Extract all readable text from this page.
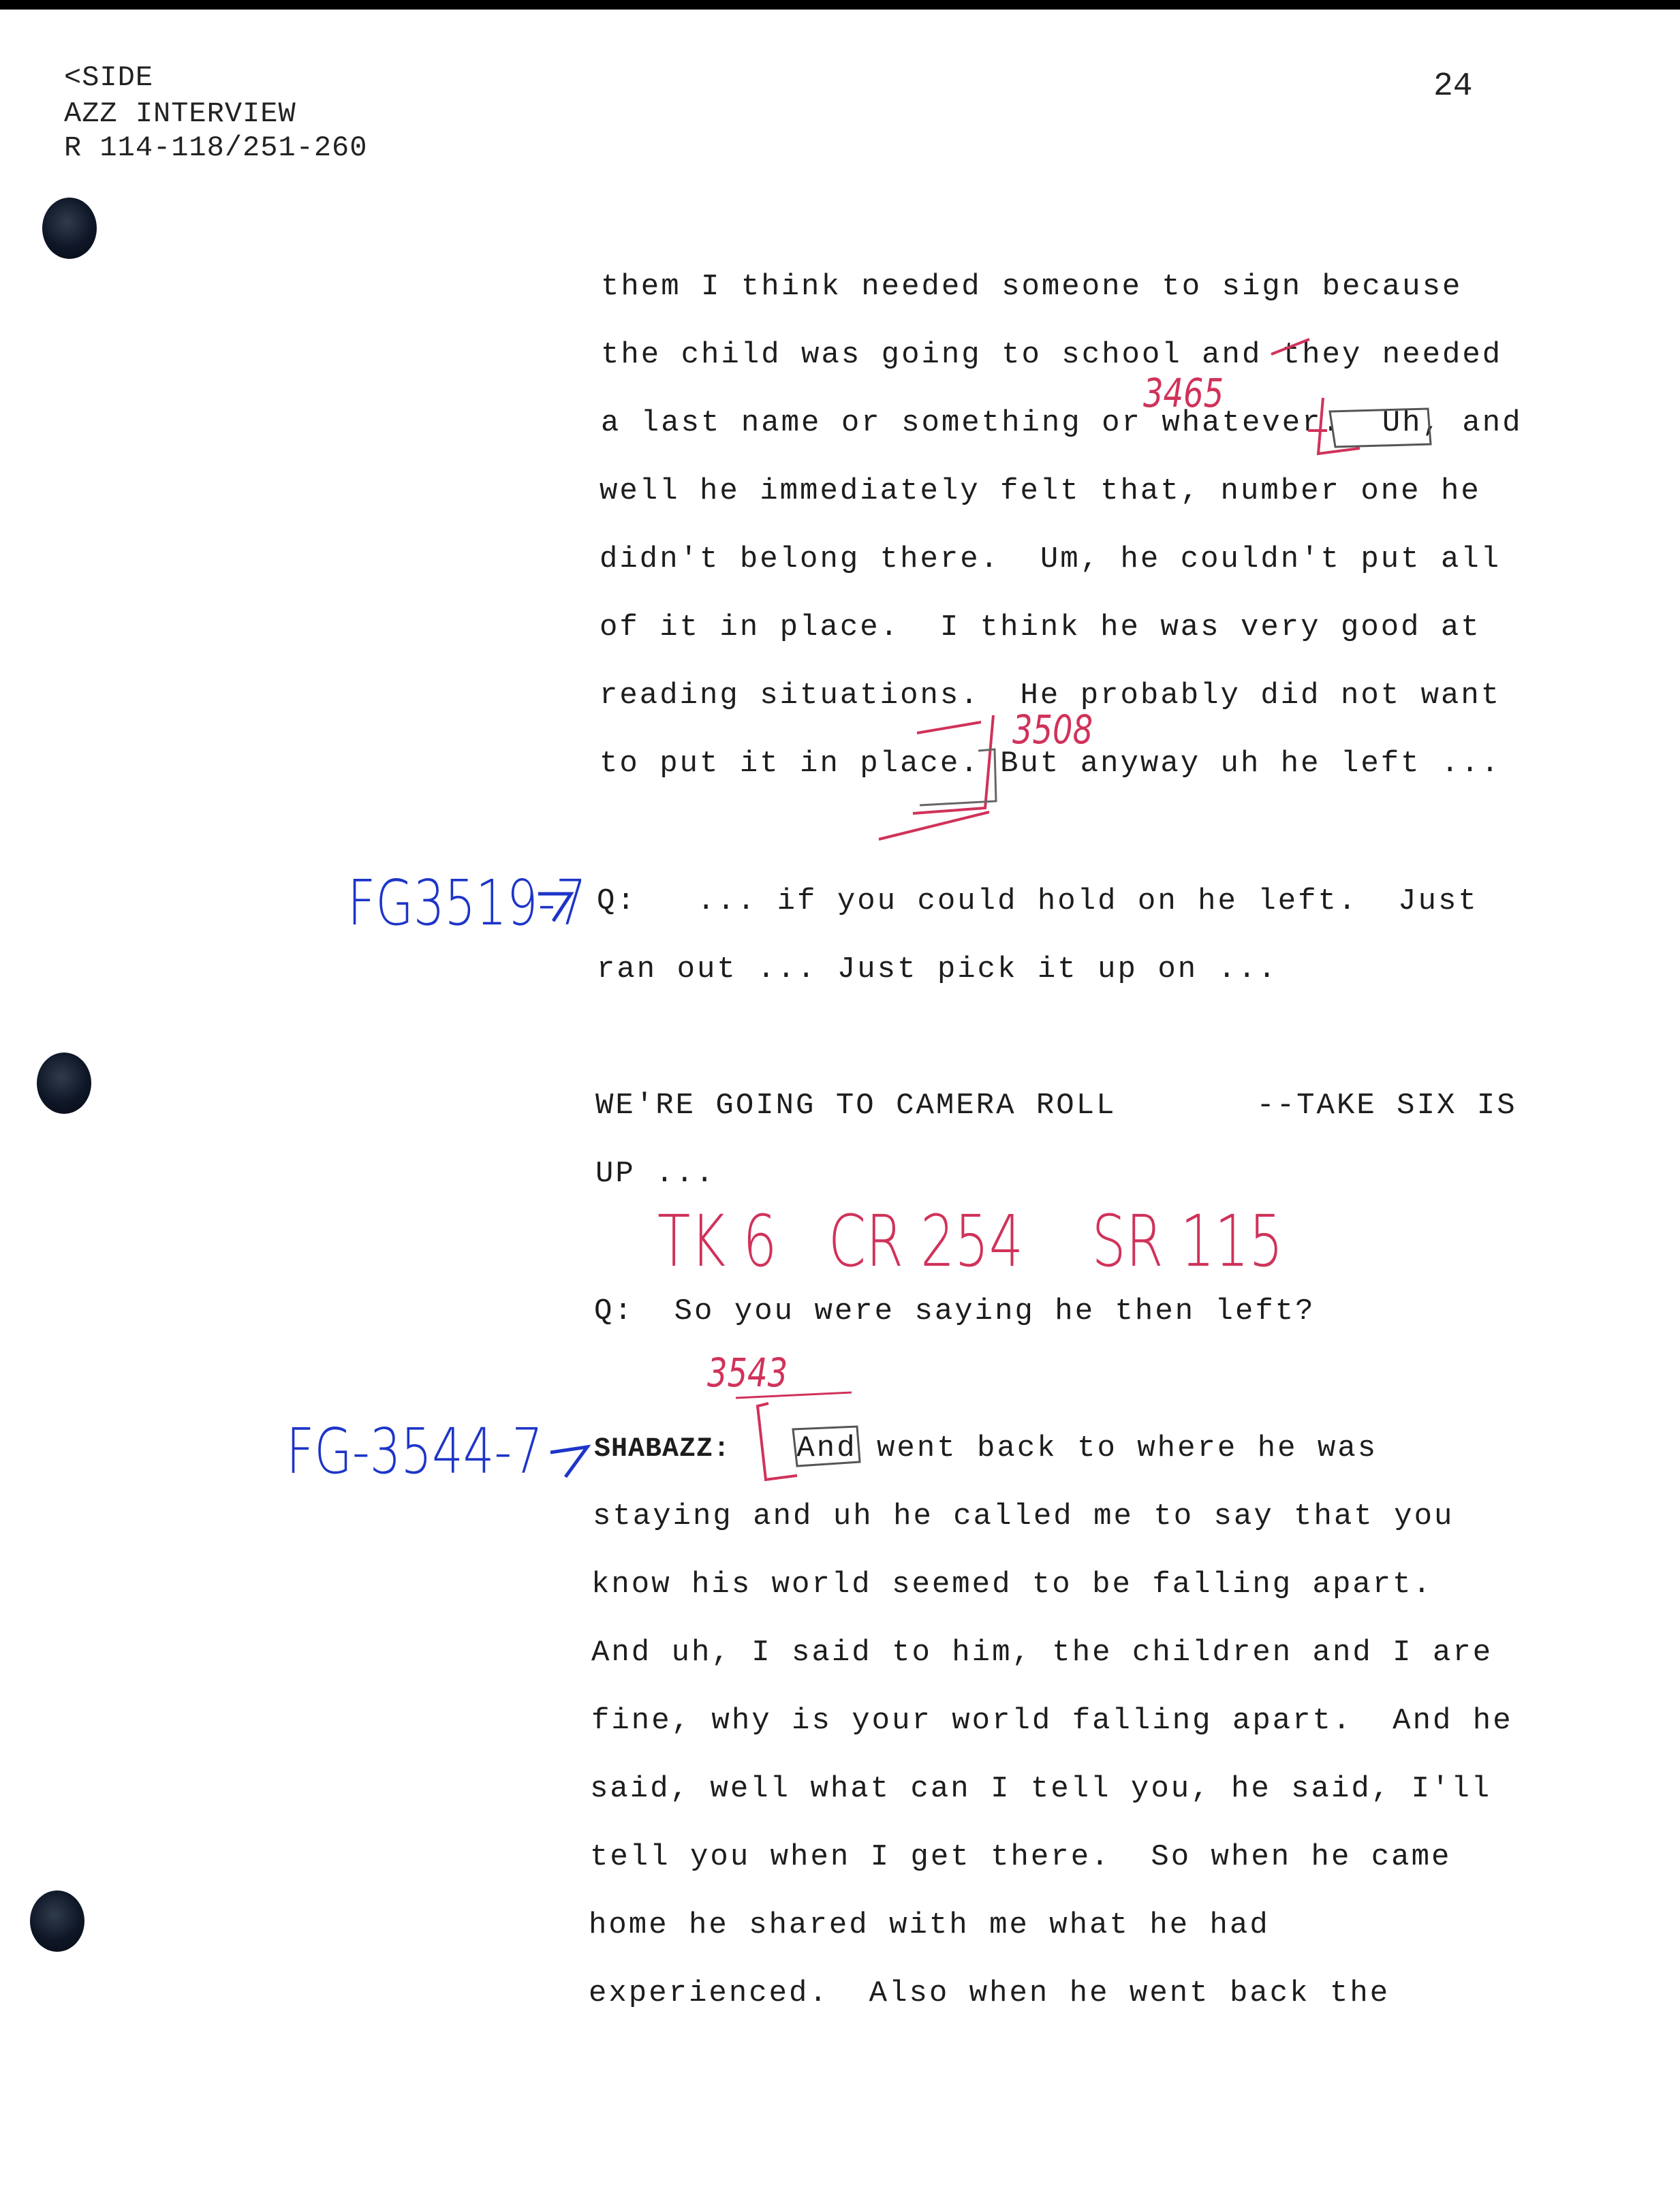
<SIDE
AZZ INTERVIEW
R 114-118/251-260
24
them I think needed someone to sign because
the child was going to school and they needed
a last name or something or whatever.  Uh, and
well he immediately felt that, number one he
didn't belong there.  Um, he couldn't put all
of it in place.  I think he was very good at
reading situations.  He probably did not want
to put it in place. But anyway uh he left ...
Q:   ... if you could hold on he left.  Just
ran out ... Just pick it up on ...
WE'RE GOING TO CAMERA ROLL       --TAKE SIX IS
UP ...
Q:  So you were saying he then left?
SHABAZZ: And went back to where he was
staying and uh he called me to say that you
know his world seemed to be falling apart.
And uh, I said to him, the children and I are
fine, why is your world falling apart.  And he
said, well what can I tell you, he said, I'll
tell you when I get there.  So when he came
home he shared with me what he had
experienced.  Also when he went back the
FG3519-7
FG-3544-7
TK 6   CR 254    SR 115
3465
3508
3543
